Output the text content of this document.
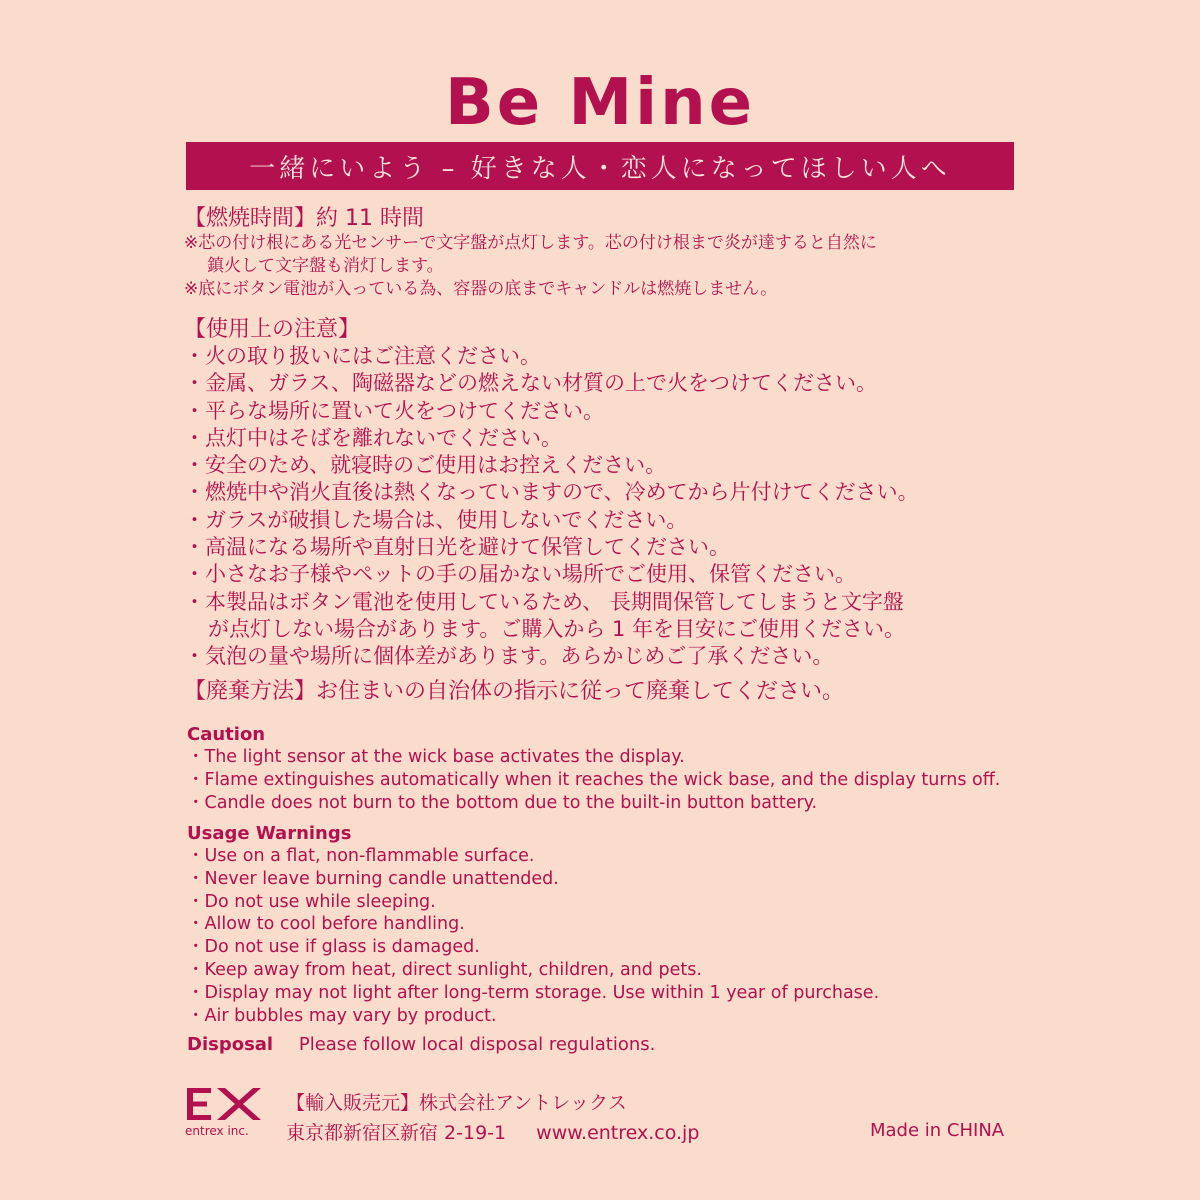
Be Mine
一緒にいよう – 好きな人・恋人になってほしい人へ
【燃焼時間】約 11 時間
※芯の付け根にある光センサーで文字盤が点灯します。芯の付け根まで炎が達すると自然に
鎮火して文字盤も消灯します。
※底にボタン電池が入っている為、容器の底までキャンドルは燃焼しません。
【使用上の注意】
・火の取り扱いにはご注意ください。
・金属、ガラス、陶磁器などの燃えない材質の上で火をつけてください。
・平らな場所に置いて火をつけてください。
・点灯中はそばを離れないでください。
・安全のため、就寝時のご使用はお控えください。
・燃焼中や消火直後は熱くなっていますので、冷めてから片付けてください。
・ガラスが破損した場合は、使用しないでください。
・高温になる場所や直射日光を避けて保管してください。
・小さなお子様やペットの手の届かない場所でご使用、保管ください。
・本製品はボタン電池を使用しているため、 長期間保管してしまうと文字盤
が点灯しない場合があります。ご購入から 1 年を目安にご使用ください。
・気泡の量や場所に個体差があります。あらかじめご了承ください。
【廃棄方法】お住まいの自治体の指示に従って廃棄してください。
Caution
・The light sensor at the wick base activates the display.
・Flame extinguishes automatically when it reaches the wick base, and the display turns off.
・Candle does not burn to the bottom due to the built-in button battery.
Usage Warnings
・Use on a flat, non-flammable surface.
・Never leave burning candle unattended.
・Do not use while sleeping.
・Allow to cool before handling.
・Do not use if glass is damaged.
・Keep away from heat, direct sunlight, children, and pets.
・Display may not light after long-term storage. Use within 1 year of purchase.
・Air bubbles may vary by product.
Disposal Please follow local disposal regulations.
entrex inc.
【輸入販売元】株式会社アントレックス
東京都新宿区新宿 2-19-1 www.entrex.co.jp	Made in CHINA
